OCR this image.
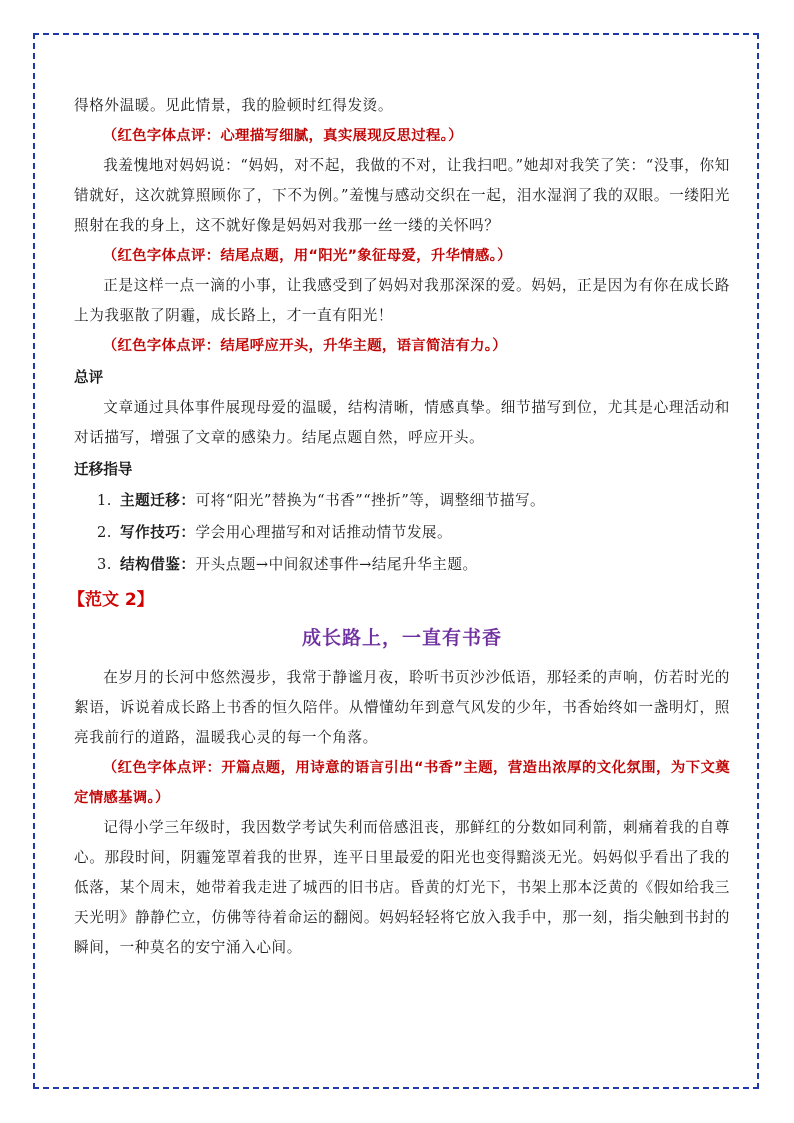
得格外温暖。见此情景，我的脸顿时红得发烫。

（红色字体点评：心理描写细腻，真实展现反思过程。）

我羞愧地对妈妈说：“妈妈，对不起，我做的不对，让我扫吧。”她却对我笑了笑：“没事，你知错就好，这次就算照顾你了，下不为例。”羞愧与感动交织在一起，泪水湿润了我的双眼。一缕阳光照射在我的身上，这不就好像是妈妈对我那一丝一缕的关怀吗？

（红色字体点评：结尾点题，用“阳光”象征母爱，升华情感。）

正是这样一点一滴的小事，让我感受到了妈妈对我那深深的爱。妈妈，正是因为有你在成长路上为我驱散了阴霾，成长路上，才一直有阳光！

（红色字体点评：结尾呼应开头，升华主题，语言简洁有力。）

总评

文章通过具体事件展现母爱的温暖，结构清晰，情感真挚。细节描写到位，尤其是心理活动和对话描写，增强了文章的感染力。结尾点题自然，呼应开头。

迁移指导
1. 主题迁移：可将“阳光”替换为“书香”“挫折”等，调整细节描写。
2. 写作技巧：学会用心理描写和对话推动情节发展。
3. 结构借鉴：开头点题→中间叙述事件→结尾升华主题。
【范文 2】
成长路上，一直有书香

在岁月的长河中悠然漫步，我常于静谧月夜，聆听书页沙沙低语，那轻柔的声响，仿若时光的絮语，诉说着成长路上书香的恒久陪伴。从懵懂幼年到意气风发的少年，书香始终如一盏明灯，照亮我前行的道路，温暖我心灵的每一个角落。

（红色字体点评：开篇点题，用诗意的语言引出“书香”主题，营造出浓厚的文化氛围，为下文奠定情感基调。）

记得小学三年级时，我因数学考试失利而倍感沮丧，那鲜红的分数如同利箭，刺痛着我的自尊心。那段时间，阴霾笼罩着我的世界，连平日里最爱的阳光也变得黯淡无光。妈妈似乎看出了我的低落，某个周末，她带着我走进了城西的旧书店。昏黄的灯光下，书架上那本泛黄的《假如给我三天光明》静静伫立，仿佛等待着命运的翻阅。妈妈轻轻将它放入我手中，那一刻，指尖触到书封的瞬间，一种莫名的安宁涌入心间。
